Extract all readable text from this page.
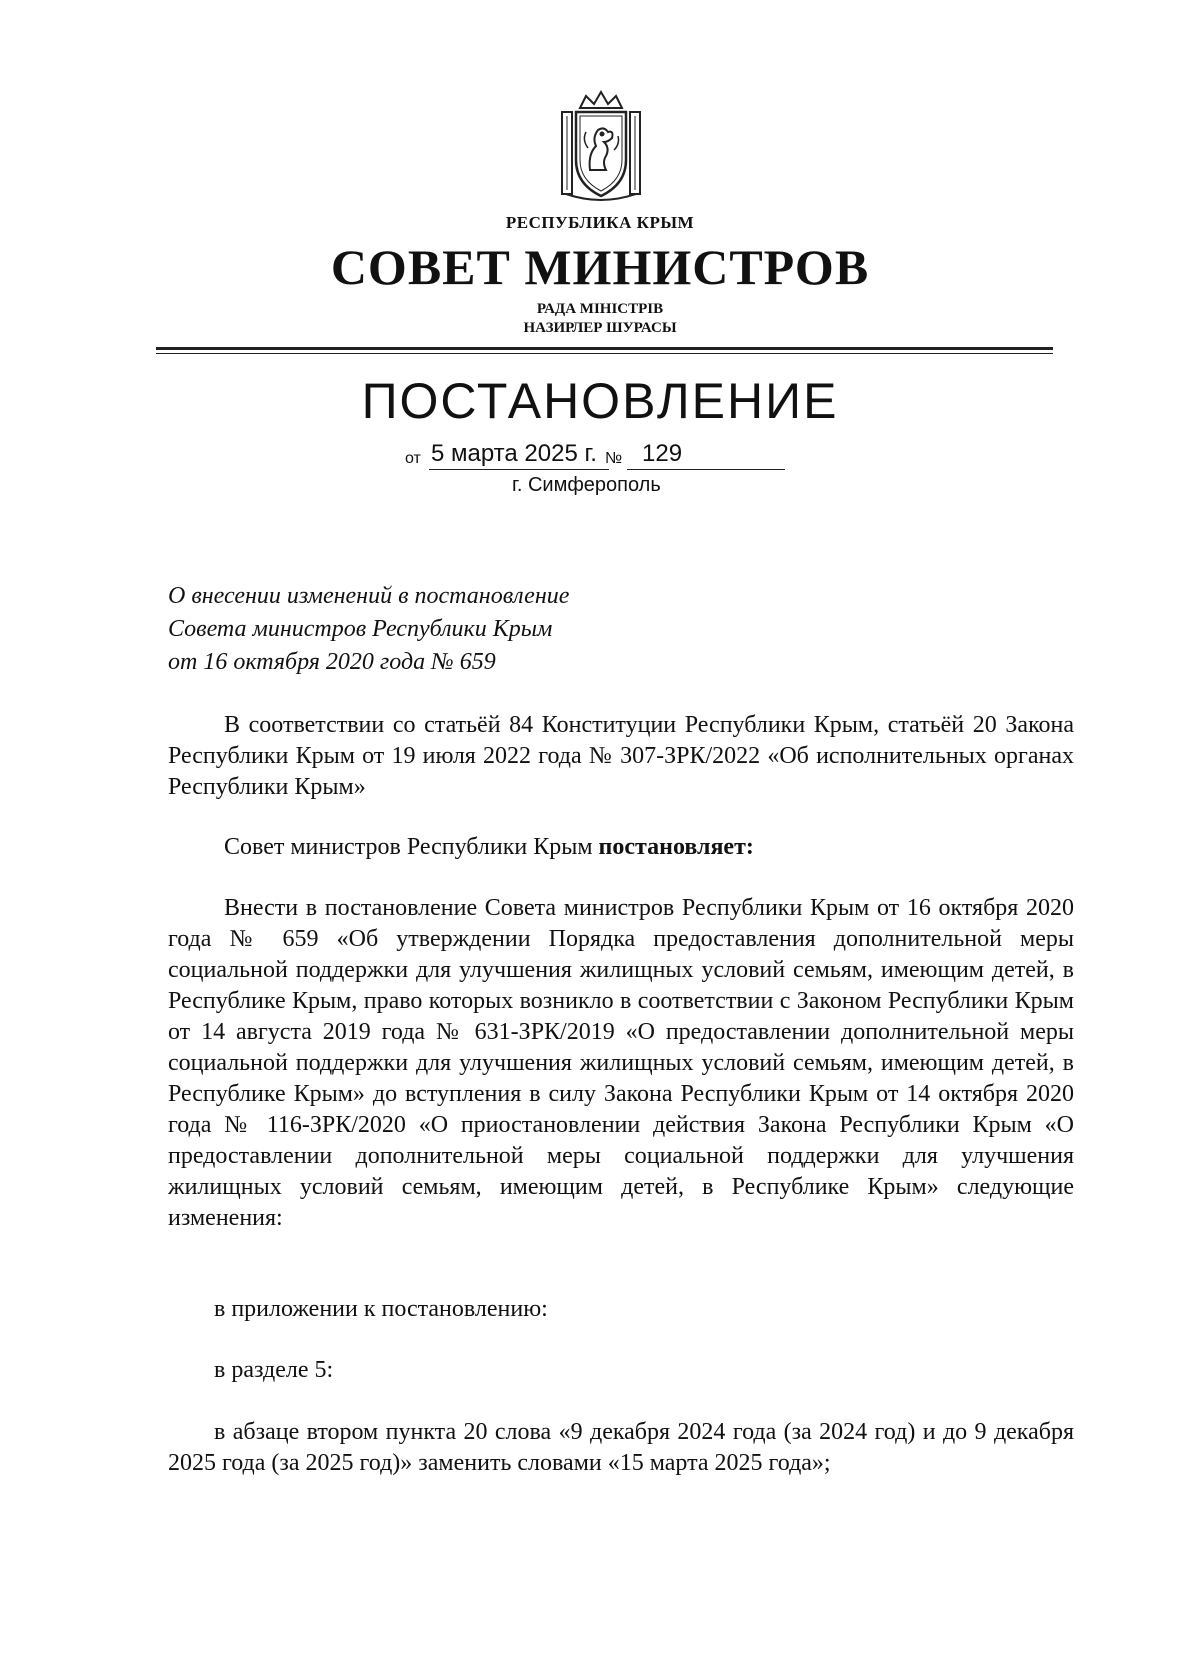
РЕСПУБЛИКА КРЫМ
СОВЕТ МИНИСТРОВ
РАДА МІНІСТРІВ
НАЗИРЛЕР ШУРАСЫ
ПОСТАНОВЛЕНИЕ
от 5 марта 2025 г. № 129
г. Симферополь
О внесении изменений в постановление
Совета министров Республики Крым
от 16 октября 2020 года № 659

В соответствии со статьёй 84 Конституции Республики Крым, статьёй 20 Закона Республики Крым от 19 июля 2022 года № 307-ЗРК/2022 «Об исполнительных органах Республики Крым»

Совет министров Республики Крым постановляет:

Внести в постановление Совета министров Республики Крым от 16 октября 2020 года № 659 «Об утверждении Порядка предоставления дополнительной меры социальной поддержки для улучшения жилищных условий семьям, имеющим детей, в Республике Крым, право которых возникло в соответствии с Законом Республики Крым от 14 августа 2019 года № 631-ЗРК/2019 «О предоставлении дополнительной меры социальной поддержки для улучшения жилищных условий семьям, имеющим детей, в Республике Крым» до вступления в силу Закона Республики Крым от 14 октября 2020 года № 116-ЗРК/2020 «О приостановлении действия Закона Республики Крым «О предоставлении дополнительной меры социальной поддержки для улучшения жилищных условий семьям, имеющим детей, в Республике Крым» следующие изменения:

в приложении к постановлению:

в разделе 5:

в абзаце втором пункта 20 слова «9 декабря 2024 года (за 2024 год) и до 9 декабря 2025 года (за 2025 год)» заменить словами «15 марта 2025 года»;
